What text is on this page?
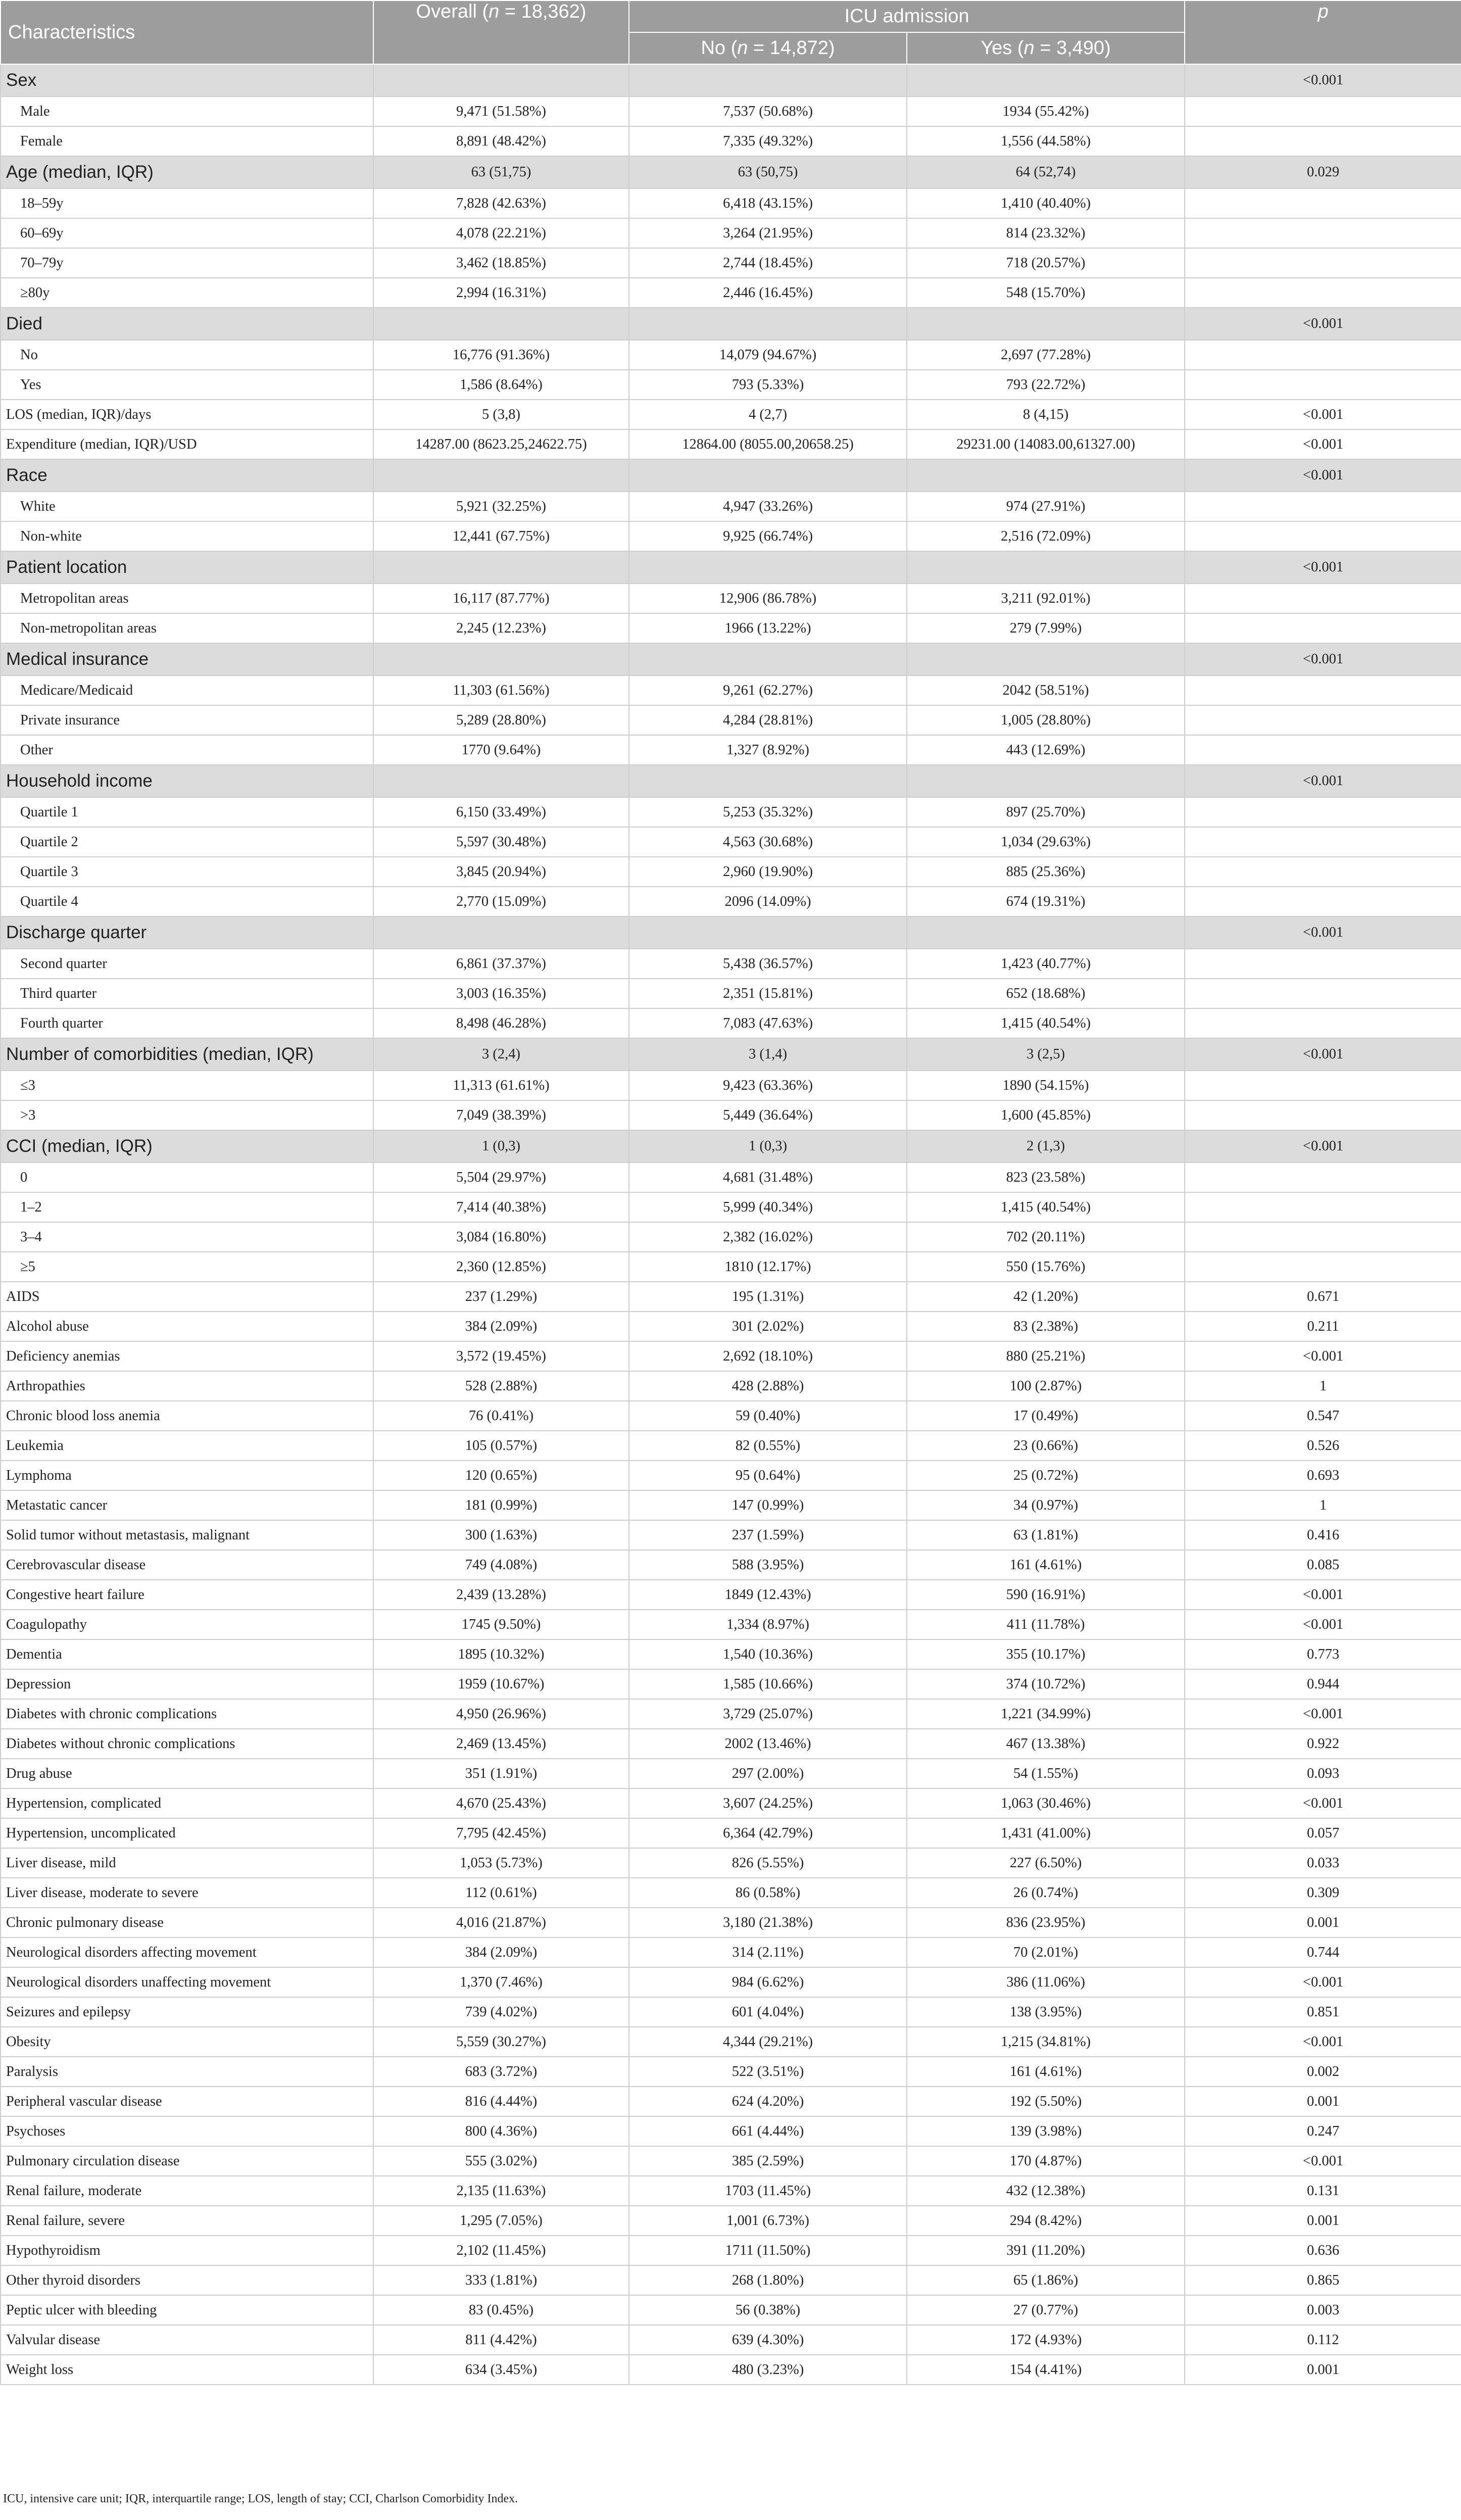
Characteristics	Overall (n = 18,362)	ICU admission		p
		No (n = 14,872)	Yes (n = 3,490)	
Sex				<0.001
Male	9,471 (51.58%)	7,537 (50.68%)	1934 (55.42%)	
Female	8,891 (48.42%)	7,335 (49.32%)	1,556 (44.58%)	
Age (median, IQR)	63 (51,75)	63 (50,75)	64 (52,74)	0.029
18–59y	7,828 (42.63%)	6,418 (43.15%)	1,410 (40.40%)	
60–69y	4,078 (22.21%)	3,264 (21.95%)	814 (23.32%)	
70–79y	3,462 (18.85%)	2,744 (18.45%)	718 (20.57%)	
≥80y	2,994 (16.31%)	2,446 (16.45%)	548 (15.70%)	
Died				<0.001
No	16,776 (91.36%)	14,079 (94.67%)	2,697 (77.28%)	
Yes	1,586 (8.64%)	793 (5.33%)	793 (22.72%)	
LOS (median, IQR)/days	5 (3,8)	4 (2,7)	8 (4,15)	<0.001
Expenditure (median, IQR)/USD	14287.00 (8623.25,24622.75)	12864.00 (8055.00,20658.25)	29231.00 (14083.00,61327.00)	<0.001
Race				<0.001
White	5,921 (32.25%)	4,947 (33.26%)	974 (27.91%)	
Non-white	12,441 (67.75%)	9,925 (66.74%)	2,516 (72.09%)	
Patient location				<0.001
Metropolitan areas	16,117 (87.77%)	12,906 (86.78%)	3,211 (92.01%)	
Non-metropolitan areas	2,245 (12.23%)	1966 (13.22%)	279 (7.99%)	
Medical insurance				<0.001
Medicare/Medicaid	11,303 (61.56%)	9,261 (62.27%)	2042 (58.51%)	
Private insurance	5,289 (28.80%)	4,284 (28.81%)	1,005 (28.80%)	
Other	1770 (9.64%)	1,327 (8.92%)	443 (12.69%)	
Household income				<0.001
Quartile 1	6,150 (33.49%)	5,253 (35.32%)	897 (25.70%)	
Quartile 2	5,597 (30.48%)	4,563 (30.68%)	1,034 (29.63%)	
Quartile 3	3,845 (20.94%)	2,960 (19.90%)	885 (25.36%)	
Quartile 4	2,770 (15.09%)	2096 (14.09%)	674 (19.31%)	
Discharge quarter				<0.001
Second quarter	6,861 (37.37%)	5,438 (36.57%)	1,423 (40.77%)	
Third quarter	3,003 (16.35%)	2,351 (15.81%)	652 (18.68%)	
Fourth quarter	8,498 (46.28%)	7,083 (47.63%)	1,415 (40.54%)	
Number of comorbidities (median, IQR)	3 (2,4)	3 (1,4)	3 (2,5)	<0.001
≤3	11,313 (61.61%)	9,423 (63.36%)	1890 (54.15%)	
>3	7,049 (38.39%)	5,449 (36.64%)	1,600 (45.85%)	
CCI (median, IQR)	1 (0,3)	1 (0,3)	2 (1,3)	<0.001
0	5,504 (29.97%)	4,681 (31.48%)	823 (23.58%)	
1–2	7,414 (40.38%)	5,999 (40.34%)	1,415 (40.54%)	
3–4	3,084 (16.80%)	2,382 (16.02%)	702 (20.11%)	
≥5	2,360 (12.85%)	1810 (12.17%)	550 (15.76%)	
AIDS	237 (1.29%)	195 (1.31%)	42 (1.20%)	0.671
Alcohol abuse	384 (2.09%)	301 (2.02%)	83 (2.38%)	0.211
Deficiency anemias	3,572 (19.45%)	2,692 (18.10%)	880 (25.21%)	<0.001
Arthropathies	528 (2.88%)	428 (2.88%)	100 (2.87%)	1
Chronic blood loss anemia	76 (0.41%)	59 (0.40%)	17 (0.49%)	0.547
Leukemia	105 (0.57%)	82 (0.55%)	23 (0.66%)	0.526
Lymphoma	120 (0.65%)	95 (0.64%)	25 (0.72%)	0.693
Metastatic cancer	181 (0.99%)	147 (0.99%)	34 (0.97%)	1
Solid tumor without metastasis, malignant	300 (1.63%)	237 (1.59%)	63 (1.81%)	0.416
Cerebrovascular disease	749 (4.08%)	588 (3.95%)	161 (4.61%)	0.085
Congestive heart failure	2,439 (13.28%)	1849 (12.43%)	590 (16.91%)	<0.001
Coagulopathy	1745 (9.50%)	1,334 (8.97%)	411 (11.78%)	<0.001
Dementia	1895 (10.32%)	1,540 (10.36%)	355 (10.17%)	0.773
Depression	1959 (10.67%)	1,585 (10.66%)	374 (10.72%)	0.944
Diabetes with chronic complications	4,950 (26.96%)	3,729 (25.07%)	1,221 (34.99%)	<0.001
Diabetes without chronic complications	2,469 (13.45%)	2002 (13.46%)	467 (13.38%)	0.922
Drug abuse	351 (1.91%)	297 (2.00%)	54 (1.55%)	0.093
Hypertension, complicated	4,670 (25.43%)	3,607 (24.25%)	1,063 (30.46%)	<0.001
Hypertension, uncomplicated	7,795 (42.45%)	6,364 (42.79%)	1,431 (41.00%)	0.057
Liver disease, mild	1,053 (5.73%)	826 (5.55%)	227 (6.50%)	0.033
Liver disease, moderate to severe	112 (0.61%)	86 (0.58%)	26 (0.74%)	0.309
Chronic pulmonary disease	4,016 (21.87%)	3,180 (21.38%)	836 (23.95%)	0.001
Neurological disorders affecting movement	384 (2.09%)	314 (2.11%)	70 (2.01%)	0.744
Neurological disorders unaffecting movement	1,370 (7.46%)	984 (6.62%)	386 (11.06%)	<0.001
Seizures and epilepsy	739 (4.02%)	601 (4.04%)	138 (3.95%)	0.851
Obesity	5,559 (30.27%)	4,344 (29.21%)	1,215 (34.81%)	<0.001
Paralysis	683 (3.72%)	522 (3.51%)	161 (4.61%)	0.002
Peripheral vascular disease	816 (4.44%)	624 (4.20%)	192 (5.50%)	0.001
Psychoses	800 (4.36%)	661 (4.44%)	139 (3.98%)	0.247
Pulmonary circulation disease	555 (3.02%)	385 (2.59%)	170 (4.87%)	<0.001
Renal failure, moderate	2,135 (11.63%)	1703 (11.45%)	432 (12.38%)	0.131
Renal failure, severe	1,295 (7.05%)	1,001 (6.73%)	294 (8.42%)	0.001
Hypothyroidism	2,102 (11.45%)	1711 (11.50%)	391 (11.20%)	0.636
Other thyroid disorders	333 (1.81%)	268 (1.80%)	65 (1.86%)	0.865
Peptic ulcer with bleeding	83 (0.45%)	56 (0.38%)	27 (0.77%)	0.003
Valvular disease	811 (4.42%)	639 (4.30%)	172 (4.93%)	0.112
Weight loss	634 (3.45%)	480 (3.23%)	154 (4.41%)	0.001
ICU, intensive care unit; IQR, interquartile range; LOS, length of stay; CCI, Charlson Comorbidity Index.
